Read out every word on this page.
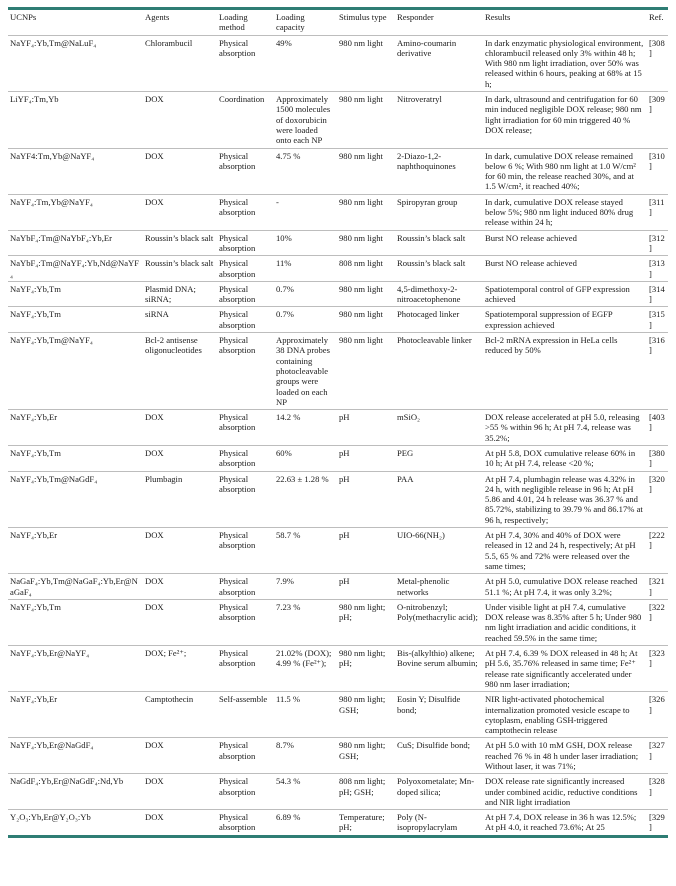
UCNPs	Agents	Loading method	Loading capacity	Stimulus type	Responder	Results	Ref.
NaYF₄:Yb,Tm@NaLuF₄	Chlorambucil	Physical absorption	49%	980 nm light	Amino-coumarin derivative	In dark enzymatic physiological environment, chlorambucil released only 3% within 48 h; With 980 nm light irradiation, over 50% was released within 6 hours, peaking at 68% at 15 h;	[308]
LiYF₄:Tm,Yb	DOX	Coordination	Approximately 1500 molecules of doxorubicin were loaded onto each NP	980 nm light	Nitroveratryl	In dark, ultrasound and centrifugation for 60 min induced negligible DOX release; 980 nm light irradiation for 60 min triggered 40 % DOX release;	[309]
NaYF4:Tm,Yb@NaYF₄	DOX	Physical absorption	4.75 %	980 nm light	2-Diazo-1,2-naphthoquinones	In dark, cumulative DOX release remained below 6 %; With 980 nm light at 1.0 W/cm² for 60 min, the release reached 30%, and at 1.5 W/cm², it reached 40%;	[310]
NaYF₄:Tm,Yb@NaYF₄	DOX	Physical absorption	-	980 nm light	Spiropyran group	In dark, cumulative DOX release stayed below 5%; 980 nm light induced 80% drug release within 24 h;	[311]
NaYbF₄:Tm@NaYbF₄:Yb,Er	Roussin’s black salt	Physical absorption	10%	980 nm light	Roussin’s black salt	Burst NO release achieved	[312]
NaYbF₄:Tm@NaYF₄:Yb,Nd@NaYF₄	Roussin’s black salt	Physical absorption	11%	808 nm light	Roussin’s black salt	Burst NO release achieved	[313]
NaYF₄:Yb,Tm	Plasmid DNA; siRNA;	Physical absorption	0.7%	980 nm light	4,5-dimethoxy-2-nitroacetophenone	Spatiotemporal control of GFP expression achieved	[314]
NaYF₄:Yb,Tm	siRNA	Physical absorption	0.7%	980 nm light	Photocaged linker	Spatiotemporal suppression of EGFP expression achieved	[315]
NaYF₄:Yb,Tm@NaYF₄	Bcl-2 antisense oligonucleotides	Physical absorption	Approximately 38 DNA probes containing photocleavable groups were loaded on each NP	980 nm light	Photocleavable linker	Bcl-2 mRNA expression in HeLa cells reduced by 50%	[316]
NaYF₄:Yb,Er	DOX	Physical absorption	14.2 %	pH	mSiO₂	DOX release accelerated at pH 5.0, releasing >55 % within 96 h; At pH 7.4, release was 35.2%;	[403]
NaYF₄:Yb,Tm	DOX	Physical absorption	60%	pH	PEG	At pH 5.8, DOX cumulative release 60% in 10 h; At pH 7.4, release <20 %;	[380]
NaYF₄:Yb,Tm@NaGdF₄	Plumbagin	Physical absorption	22.63 ± 1.28 %	pH	PAA	At pH 7.4, plumbagin release was 4.32% in 24 h, with negligible release in 96 h; At pH 5.86 and 4.01, 24 h release was 36.37 % and 85.72%, stabilizing to 39.79 % and 86.17% at 96 h, respectively;	[320]
NaYF₄:Yb,Er	DOX	Physical absorption	58.7 %	pH	UIO-66(NH₂)	At pH 7.4, 30% and 40% of DOX were released in 12 and 24 h, respectively; At pH 5.5, 65 % and 72% were released over the same times;	[222]
NaGaF₄:Yb,Tm@NaGaF₄:Yb,Er@NaGaF₄	DOX	Physical absorption	7.9%	pH	Metal-phenolic networks	At pH 5.0, cumulative DOX release reached 51.1 %; At pH 7.4, it was only 3.2%;	[321]
NaYF₄:Yb,Tm	DOX	Physical absorption	7.23 %	980 nm light; pH;	O-nitrobenzyl; Poly(methacrylic acid);	Under visible light at pH 7.4, cumulative DOX release was 8.35% after 5 h; Under 980 nm light irradiation and acidic conditions, it reached 59.5% in the same time;	[322]
NaYF₄:Yb,Er@NaYF₄	DOX; Fe²⁺;	Physical absorption	21.02% (DOX); 4.99 % (Fe²⁺);	980 nm light; pH;	Bis-(alkylthio) alkene; Bovine serum albumin;	At pH 7.4, 6.39 % DOX released in 48 h; At pH 5.6, 35.76% released in same time; Fe²⁺ release rate significantly accelerated under 980 nm laser irradiation;	[323]
NaYF₄:Yb,Er	Camptothecin	Self-assemble	11.5 %	980 nm light; GSH;	Eosin Y; Disulfide bond;	NIR light-activated photochemical internalization promoted vesicle escape to cytoplasm, enabling GSH-triggered camptothecin release	[326]
NaYF₄:Yb,Er@NaGdF₄	DOX	Physical absorption	8.7%	980 nm light; GSH;	CuS; Disulfide bond;	At pH 5.0 with 10 mM GSH, DOX release reached 76 % in 48 h under laser irradiation; Without laser, it was 71%;	[327]
NaGdF₄:Yb,Er@NaGdF₄:Nd,Yb	DOX	Physical absorption	54.3 %	808 nm light; pH; GSH;	Polyoxometalate; Mn-doped silica;	DOX release rate significantly increased under combined acidic, reductive conditions and NIR light irradiation	[328]
Y₂O₃:Yb,Er@Y₂O₃:Yb	DOX	Physical absorption	6.89 %	Temperature; pH;	Poly (N-isopropylacrylam	At pH 7.4, DOX release in 36 h was 12.5%; At pH 4.0, it reached 73.6%; At 25	[329]
